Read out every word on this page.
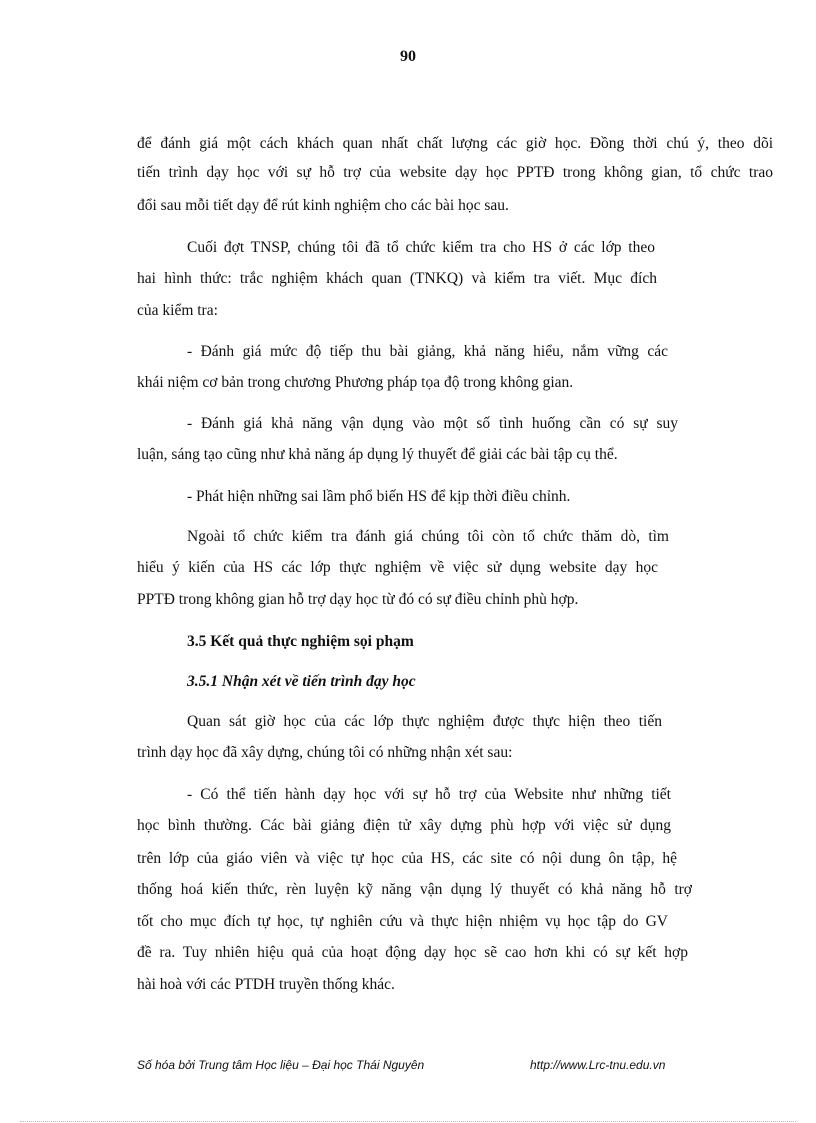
90
để đánh giá một cách khách quan nhất chất lượng các giờ học. Đồng thời chú ý, theo dõi
tiến trình dạy học với sự hỗ trợ của website dạy học PPTĐ trong không gian, tổ chức trao
đổi sau mỗi tiết dạy để rút kinh nghiệm cho các bài học sau.
Cuối đợt TNSP, chúng tôi đã tổ chức kiểm tra cho HS ở các lớp theo
hai hình thức: trắc nghiệm khách quan (TNKQ) và kiểm tra viết. Mục đích
của kiểm tra:
- Đánh giá mức độ tiếp thu bài giảng, khả năng hiểu, nắm vững các
khái niệm cơ bản trong chương Phương pháp tọa độ trong không gian.
- Đánh giá khả năng vận dụng vào một số tình huống cần có sự suy
luận, sáng tạo cũng như khả năng áp dụng lý thuyết để giải các bài tập cụ thể.
- Phát hiện những sai lầm phổ biến HS để kịp thời điều chỉnh.
Ngoài tổ chức kiểm tra đánh giá chúng tôi còn tổ chức thăm dò, tìm
hiểu ý kiến của HS các lớp thực nghiệm về việc sử dụng website dạy học
PPTĐ trong không gian hỗ trợ dạy học từ đó có sự điều chỉnh phù hợp.
3.5 Kết quả thực nghiệm sọi phạm
3.5.1 Nhận xét về tiến trình đạy học
Quan sát giờ học của các lớp thực nghiệm được thực hiện theo tiến
trình dạy học đã xây dựng, chúng tôi có những nhận xét sau:
- Có thể tiến hành dạy học với sự hỗ trợ của Website như những tiết
học bình thường. Các bài giảng điện tử xây dựng phù hợp với việc sử dụng
trên lớp của giáo viên và việc tự học của HS, các site có nội dung ôn tập, hệ
thống hoá kiến thức, rèn luyện kỹ năng vận dụng lý thuyết có khả năng hỗ trợ
tốt cho mục đích tự học, tự nghiên cứu và thực hiện nhiệm vụ học tập do GV
đề ra. Tuy nhiên hiệu quả của hoạt động dạy học sẽ cao hơn khi có sự kết hợp
hài hoà với các PTDH truyền thống khác.
Số hóa bởi Trung tâm Học liệu – Đại học Thái Nguyên	http://www.Lrc-tnu.edu.vn
